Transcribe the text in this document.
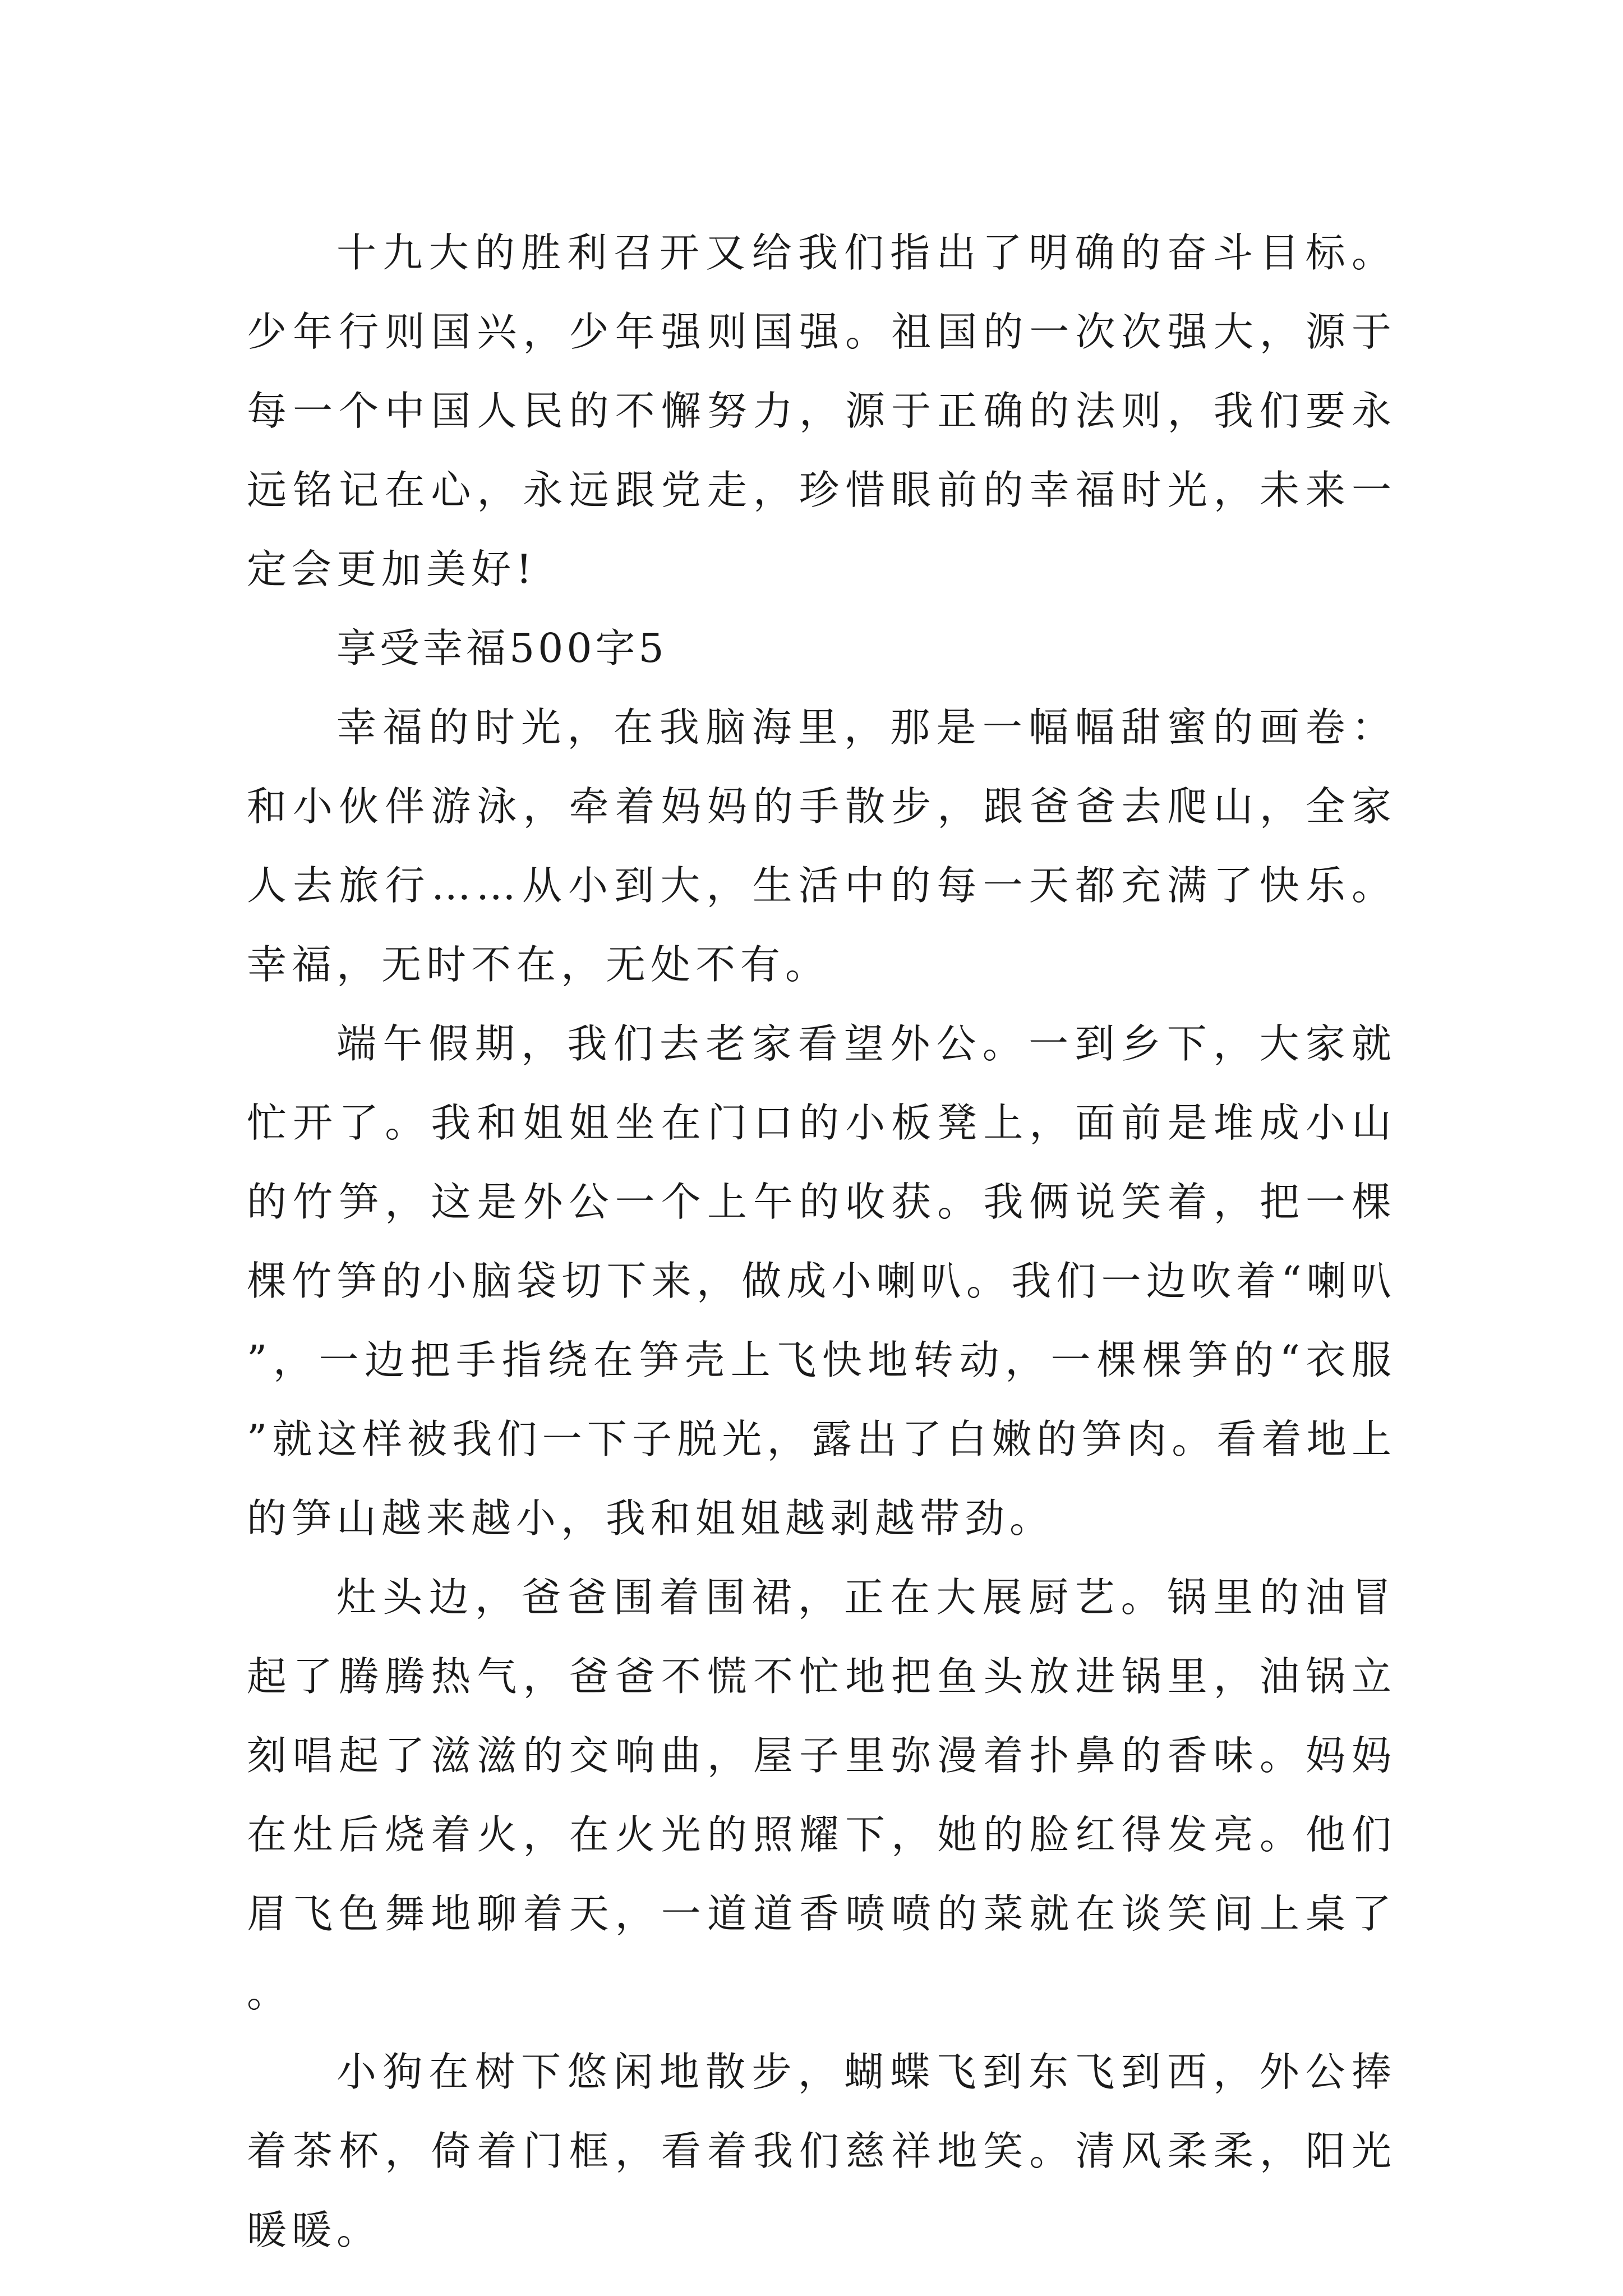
十九大的胜利召开又给我们指出了明确的奋斗目标。少年行则国兴，少年强则国强。祖国的一次次强大，源于每一个中国人民的不懈努力，源于正确的法则，我们要永远铭记在心，永远跟党走，珍惜眼前的幸福时光，未来一定会更加美好!

享受幸福500字5

幸福的时光，在我脑海里，那是一幅幅甜蜜的画卷：和小伙伴游泳，牵着妈妈的手散步，跟爸爸去爬山，全家人去旅行……从小到大，生活中的每一天都充满了快乐。幸福，无时不在，无处不有。

端午假期，我们去老家看望外公。一到乡下，大家就忙开了。我和姐姐坐在门口的小板凳上，面前是堆成小山的竹笋，这是外公一个上午的收获。我俩说笑着，把一棵棵竹笋的小脑袋切下来，做成小喇叭。我们一边吹着“喇叭”，一边把手指绕在笋壳上飞快地转动，一棵棵笋的“衣服”就这样被我们一下子脱光，露出了白嫩的笋肉。看着地上的笋山越来越小，我和姐姐越剥越带劲。

灶头边，爸爸围着围裙，正在大展厨艺。锅里的油冒起了腾腾热气，爸爸不慌不忙地把鱼头放进锅里，油锅立刻唱起了滋滋的交响曲，屋子里弥漫着扑鼻的香味。妈妈在灶后烧着火，在火光的照耀下，她的脸红得发亮。他们眉飞色舞地聊着天，一道道香喷喷的菜就在谈笑间上桌了。

小狗在树下悠闲地散步，蝴蝶飞到东飞到西，外公捧着茶杯，倚着门框，看着我们慈祥地笑。清风柔柔，阳光暖暖。
